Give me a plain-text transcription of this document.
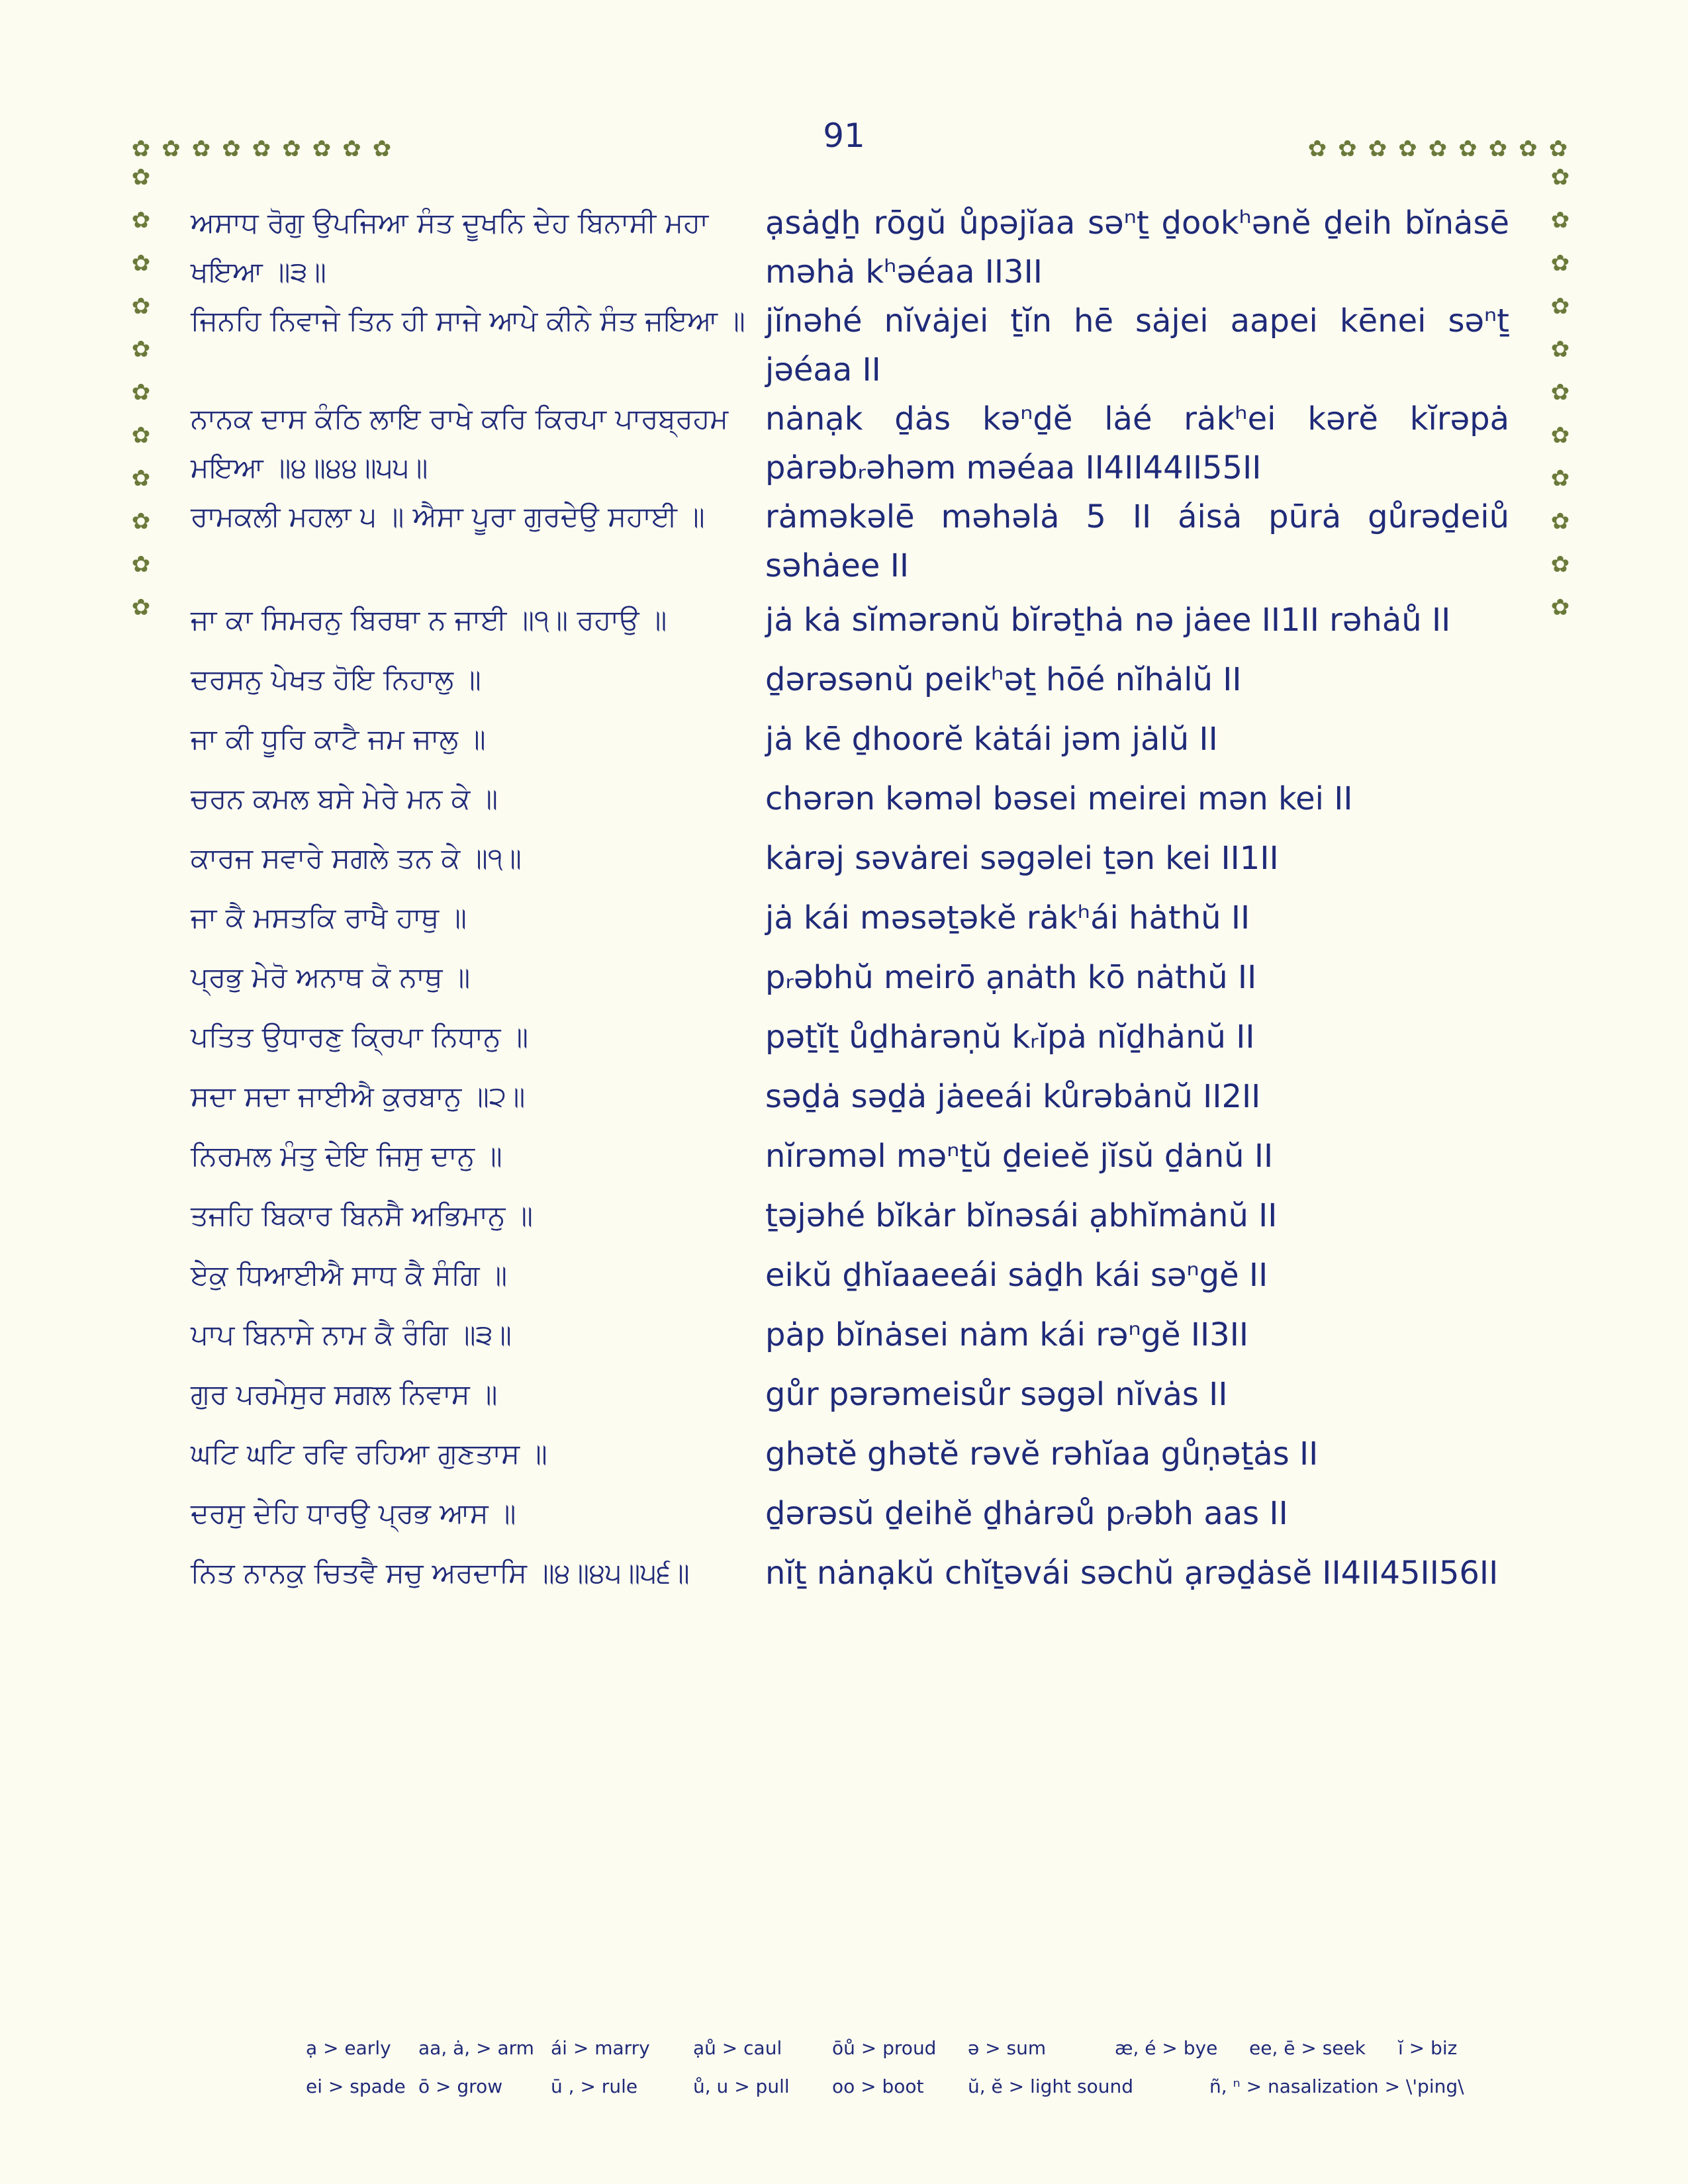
91
✿ ✿ ✿ ✿ ✿ ✿ ✿ ✿ ✿	✿ ✿ ✿ ✿ ✿ ✿ ✿ ✿ ✿
✿
✿
✿
✿
✿
✿
✿
✿
✿
✿
✿
✿
✿
✿
✿
✿
✿
✿
✿
✿
✿
✿
ਅਸਾਧ ਰੋਗੁ ਉਪਜਿਆ ਸੰਤ ਦੂਖਨਿ ਦੇਹ ਬਿਨਾਸੀ ਮਹਾ ਖਇਆ ॥੩॥
ạsȧḏẖ rōgŭ ůpəjĭaa səⁿṯ ḏookʰənĕ ḏeih bĭnȧsē məhȧ kʰəéaa II3II
ਜਿਨਹਿ ਨਿਵਾਜੇ ਤਿਨ ਹੀ ਸਾਜੇ ਆਪੇ ਕੀਨੇ ਸੰਤ ਜਇਆ ॥ jĭnəhé nĭvȧjei ṯĭn hē sȧjei aapei kēnei səⁿṯ jəéaa II
ਨਾਨਕ ਦਾਸ ਕੰਠਿ ਲਾਇ ਰਾਖੇ ਕਰਿ ਕਿਰਪਾ ਪਾਰਬ੍ਰਹਮ ਮਇਆ ॥੪॥੪੪॥੫੫॥
nȧnạk ḏȧs kəⁿḏĕ lȧé rȧkʰei kərĕ kĭrəpȧ pȧrəbᵣəhəm məéaa II4II44II55II
ਰਾਮਕਲੀ ਮਹਲਾ ੫ ॥ ਐਸਾ ਪੂਰਾ ਗੁਰਦੇਉ ਸਹਾਈ ॥	rȧməkəlē məhəlȧ 5 II áisȧ pūrȧ gůrəḏeiů səhȧee II
ਜਾ ਕਾ ਸਿਮਰਨੁ ਬਿਰਥਾ ਨ ਜਾਈ ॥੧॥ ਰਹਾਉ ॥	jȧ kȧ sĭmərənŭ bĭrəṯhȧ nə jȧee II1II rəhȧů II
ਦਰਸਨੁ ਪੇਖਤ ਹੋਇ ਨਿਹਾਲੁ ॥	ḏərəsənŭ peikʰəṯ hōé nĭhȧlŭ II
ਜਾ ਕੀ ਧੂਰਿ ਕਾਟੈ ਜਮ ਜਾਲੁ ॥	jȧ kē ḏhoorĕ kȧtái jəm jȧlŭ II
ਚਰਨ ਕਮਲ ਬਸੇ ਮੇਰੇ ਮਨ ਕੇ ॥	chərən kəməl bəsei meirei mən kei II
ਕਾਰਜ ਸਵਾਰੇ ਸਗਲੇ ਤਨ ਕੇ ॥੧॥	kȧrəj səvȧrei səgəlei ṯən kei II1II
ਜਾ ਕੈ ਮਸਤਕਿ ਰਾਖੈ ਹਾਥੁ ॥	jȧ kái məsəṯəkĕ rȧkʰái hȧthŭ II
ਪ੍ਰਭੁ ਮੇਰੋ ਅਨਾਥ ਕੋ ਨਾਥੁ ॥	pᵣəbhŭ meirō ạnȧth kō nȧthŭ II
ਪਤਿਤ ਉਧਾਰਣੁ ਕ੍ਰਿਪਾ ਨਿਧਾਨੁ ॥	pəṯĭṯ ůḏhȧrəṇŭ kᵣĭpȧ nĭḏhȧnŭ II
ਸਦਾ ਸਦਾ ਜਾਈਐ ਕੁਰਬਾਨੁ ॥੨॥	səḏȧ səḏȧ jȧeeái kůrəbȧnŭ II2II
ਨਿਰਮਲ ਮੰਤੁ ਦੇਇ ਜਿਸੁ ਦਾਨੁ ॥	nĭrəməl məⁿṯŭ ḏeieĕ jĭsŭ ḏȧnŭ II
ਤਜਹਿ ਬਿਕਾਰ ਬਿਨਸੈ ਅਭਿਮਾਨੁ ॥	ṯəjəhé bĭkȧr bĭnəsái ạbhĭmȧnŭ II
ਏਕੁ ਧਿਆਈਐ ਸਾਧ ਕੈ ਸੰਗਿ ॥	eikŭ ḏhĭaaeeái sȧḏh kái səⁿgĕ II
ਪਾਪ ਬਿਨਾਸੇ ਨਾਮ ਕੈ ਰੰਗਿ ॥੩॥	pȧp bĭnȧsei nȧm kái rəⁿgĕ II3II
ਗੁਰ ਪਰਮੇਸੁਰ ਸਗਲ ਨਿਵਾਸ ॥	gůr pərəmeisůr səgəl nĭvȧs II
ਘਟਿ ਘਟਿ ਰਵਿ ਰਹਿਆ ਗੁਣਤਾਸ ॥	ghətĕ ghətĕ rəvĕ rəhĭaa gůṇəṯȧs II
ਦਰਸੁ ਦੇਹਿ ਧਾਰਉ ਪ੍ਰਭ ਆਸ ॥	ḏərəsŭ ḏeihĕ ḏhȧrəů pᵣəbh aas II
ਨਿਤ ਨਾਨਕੁ ਚਿਤਵੈ ਸਚੁ ਅਰਦਾਸਿ ॥੪॥੪੫॥੫੬॥	nĭṯ nȧnạkŭ chĭṯəvái səchŭ ạrəḏȧsĕ II4II45II56II
ạ > early aa, ȧ, > arm ái > marry ạů > caul	ōů > proud ə > sum	æ, é > bye ee, ē > seek ĭ > biz
ei > spade ō > grow	ū , > rule	ů, u > pull oo > boot ŭ, ĕ > light sound	ñ, ⁿ > nasalization > \'ping\
